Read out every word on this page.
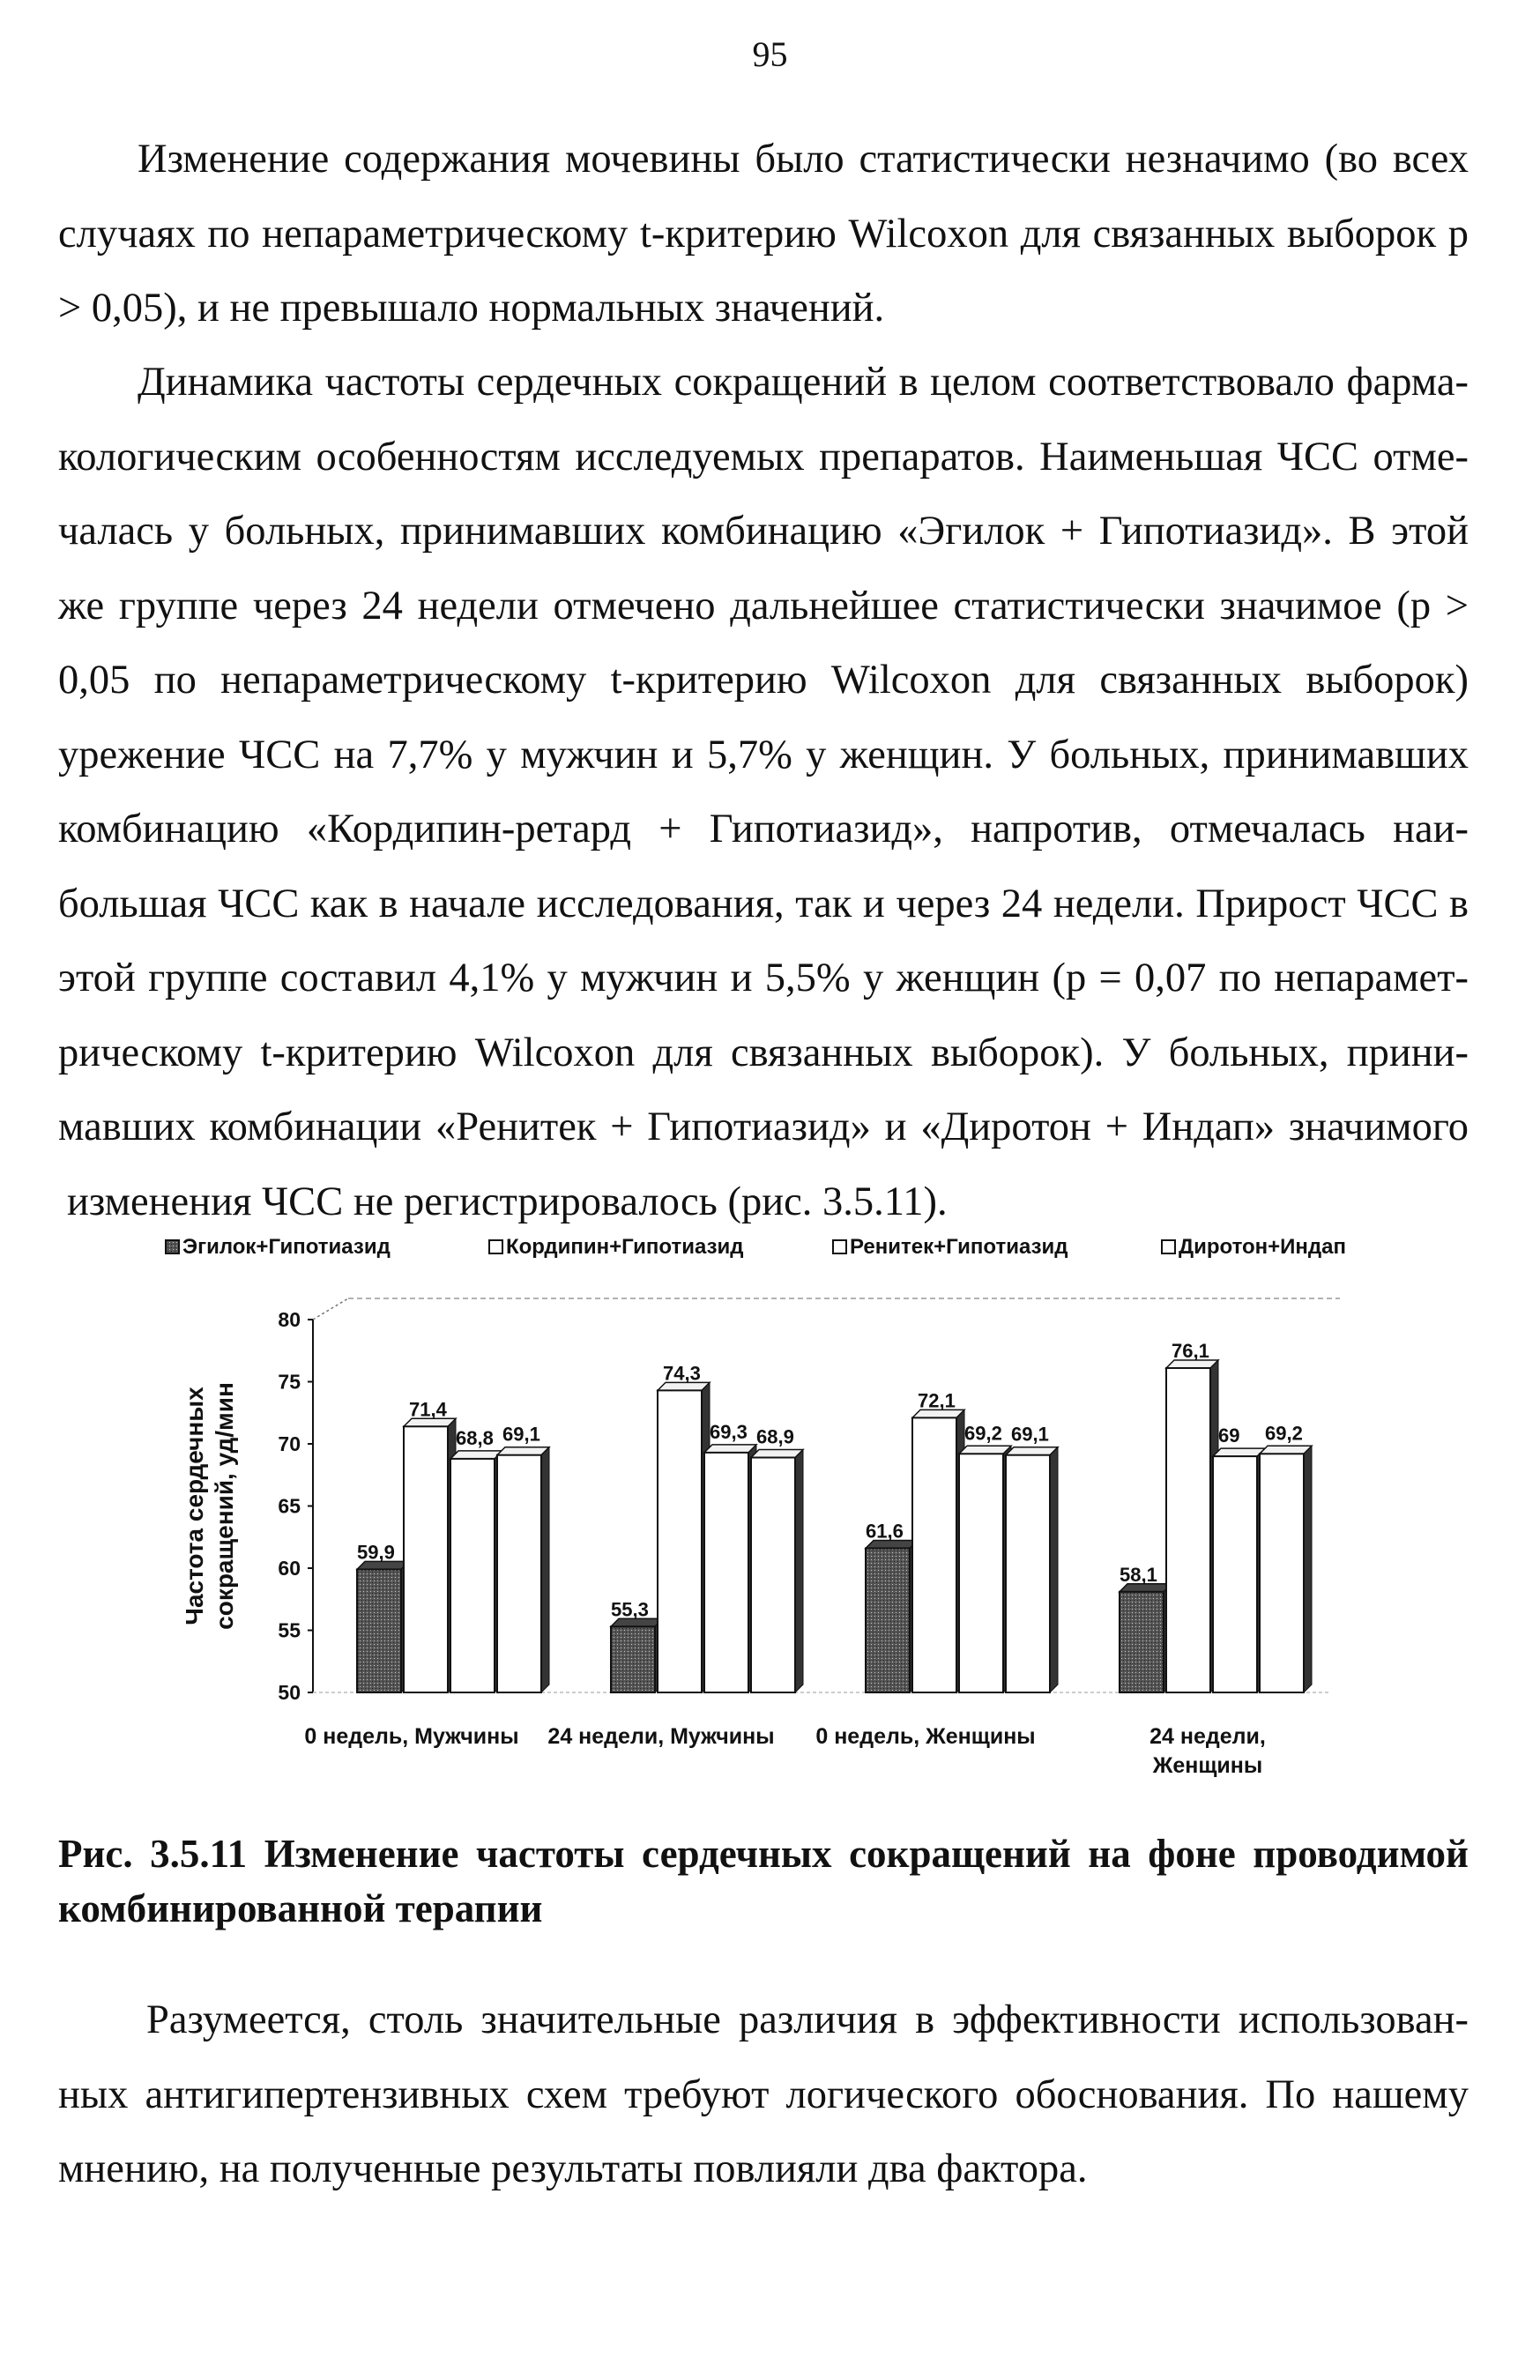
95
Изменение содержания мочевины было статистически незначимо (во всех
случаях по непараметрическому t-критерию Wilcoxon для связанных выборок р
> 0,05), и не превышало нормальных значений.
Динамика частоты сердечных сокращений в целом соответствовало фарма-
кологическим особенностям исследуемых препаратов. Наименьшая ЧСС отме-
чалась у больных, принимавших комбинацию «Эгилок + Гипотиазид». В этой
же группе через 24 недели отмечено дальнейшее статистически значимое (р >
0,05 по непараметрическому t-критерию Wilcoxon для связанных выборок)
урежение ЧСС на 7,7% у мужчин и 5,7% у женщин. У больных, принимавших
комбинацию «Кордипин-ретард + Гипотиазид», напротив, отмечалась наи-
большая ЧСС как в начале исследования, так и через 24 недели. Прирост ЧСС в
этой группе составил 4,1% у мужчин и 5,5% у женщин (р = 0,07 по непарамет-
рическому t-критерию Wilcoxon для связанных выборок). У больных, прини-
мавших комбинации «Ренитек + Гипотиазид» и «Диротон + Индап» значимого
изменения ЧСС не регистрировалось (рис. 3.5.11).
Эгилок+Гипотиазид	Кордипин+Гипотиазид	Ренитек+Гипотиазид	Диротон+Индап
Частота сердечных сокращений, уд/мин
80
75
70
65
60
55
50
59,9
71,4
68,8 69,1
55,3
74,3
69,3 68,9
61,6
72,1
69,2 69,1
58,1
76,1
69 69,2
0 недель, Мужчины 24 недели, Мужчины 0 недель, Женщины	24 недели, Женщины
Рис. 3.5.11 Изменение частоты сердечных сокращений на фоне проводимой
комбинированной терапии
Разумеется, столь значительные различия в эффективности использован-
ных антигипертензивных схем требуют логического обоснования. По нашему
мнению, на полученные результаты повлияли два фактора.
